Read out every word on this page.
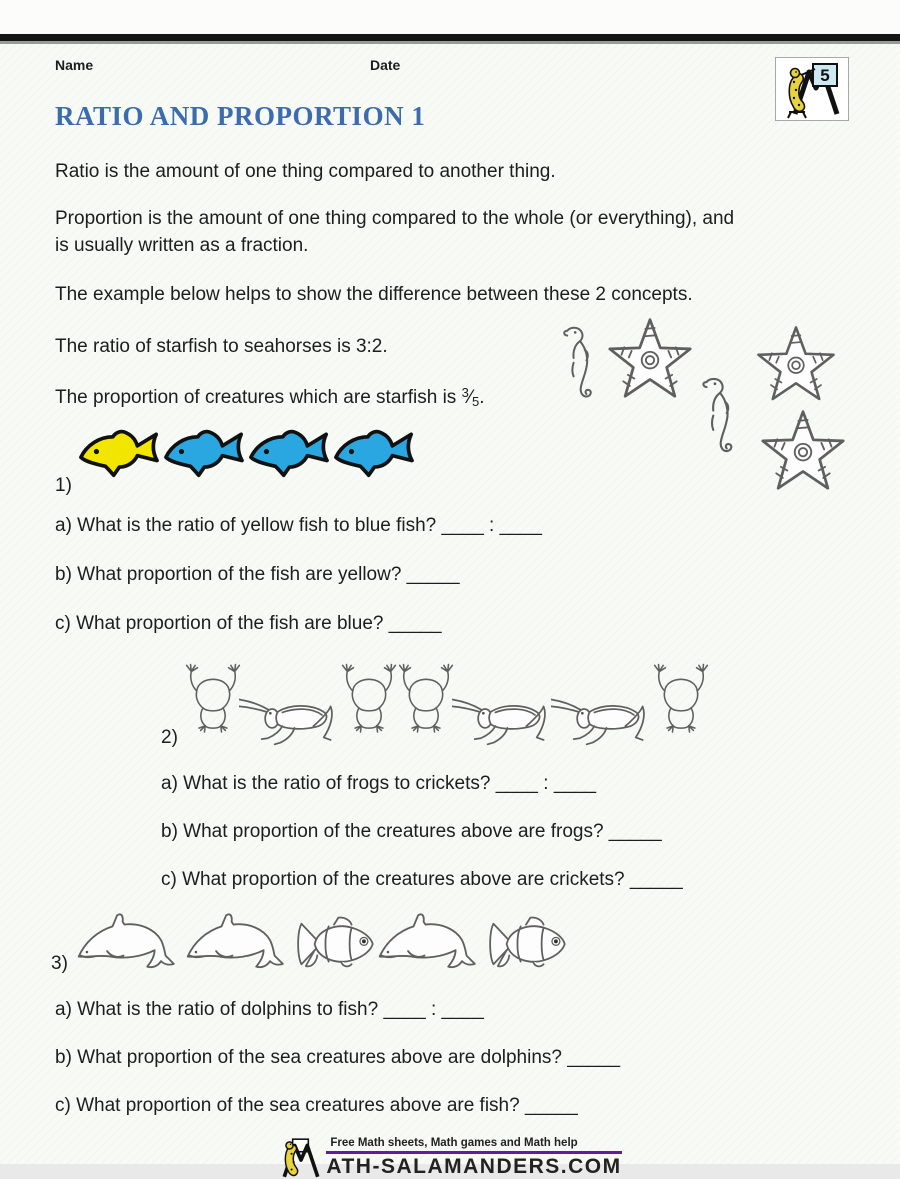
Name	Date
RATIO AND PROPORTION 1
Ratio is the amount of one thing compared to another thing.
Proportion is the amount of one thing compared to the whole (or everything), and
is usually written as a fraction.
The example below helps to show the difference between these 2 concepts.
The ratio of starfish to seahorses is 3:2.
The proportion of creatures which are starfish is $^3⁄_5$.
1)
a) What is the ratio of yellow fish to blue fish? ____ : ____
b) What proportion of the fish are yellow? _____
c) What proportion of the fish are blue? _____
2)
a) What is the ratio of frogs to crickets? ____ : ____
b) What proportion of the creatures above are frogs? _____
c) What proportion of the creatures above are crickets? _____
3)
a) What is the ratio of dolphins to fish? ____ : ____
b) What proportion of the sea creatures above are dolphins? _____
c) What proportion of the sea creatures above are fish? _____
Free Math sheets, Math games and Math help
ATH-SALAMANDERS.COM
5
